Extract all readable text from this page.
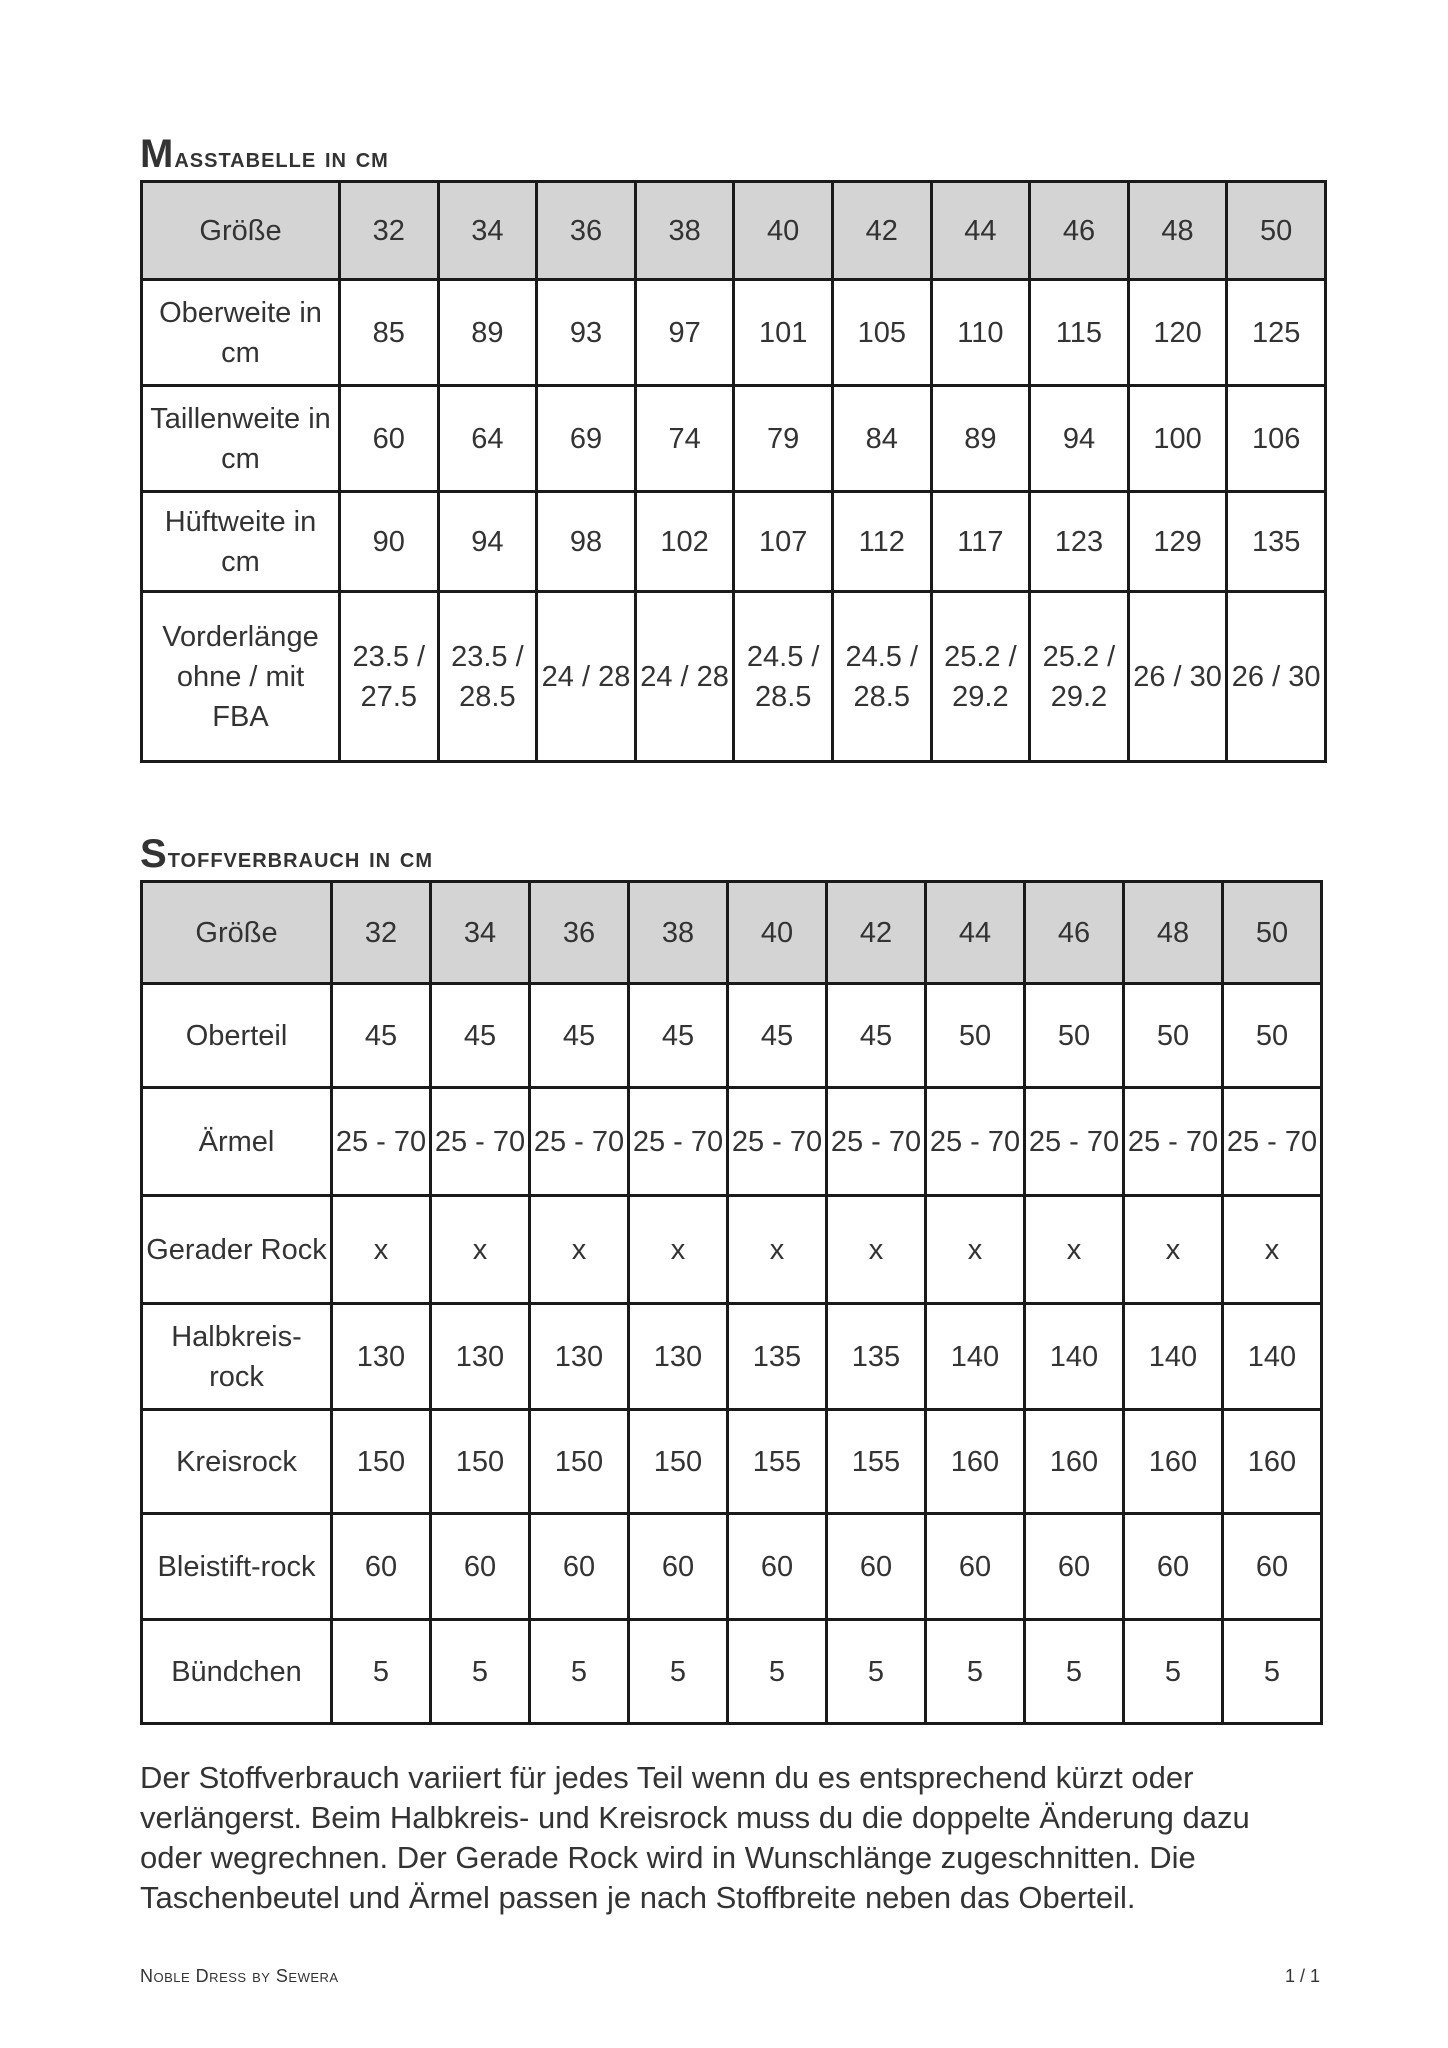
Masstabelle in cm
Größe	32	34	36	38	40	42	44	46	48	50
Oberweite in cm	85	89	93	97	101	105	110	115	120	125
Taillenweite in cm	60	64	69	74	79	84	89	94	100	106
Hüftweite in cm	90	94	98	102	107	112	117	123	129	135
Vorderlänge ohne / mit FBA	23.5 / 27.5	23.5 / 28.5	24 / 28	24 / 28	24.5 / 28.5	24.5 / 28.5	25.2 / 29.2	25.2 / 29.2	26 / 30	26 / 30
Stoffverbrauch in cm
Größe	32	34	36	38	40	42	44	46	48	50
Oberteil	45	45	45	45	45	45	50	50	50	50
Ärmel	25 - 70	25 - 70	25 - 70	25 - 70	25 - 70	25 - 70	25 - 70	25 - 70	25 - 70	25 - 70
Gerader Rock	x	x	x	x	x	x	x	x	x	x
Halbkreis-rock	130	130	130	130	135	135	140	140	140	140
Kreisrock	150	150	150	150	155	155	160	160	160	160
Bleistift-rock	60	60	60	60	60	60	60	60	60	60
Bündchen	5	5	5	5	5	5	5	5	5	5

Der Stoffverbrauch variiert für jedes Teil wenn du es entsprechend kürzt oder verlängerst. Beim Halbkreis- und Kreisrock muss du die doppelte Änderung dazu oder wegrechnen. Der Gerade Rock wird in Wunschlänge zugeschnitten. Die Taschenbeutel und Ärmel passen je nach Stoffbreite neben das Oberteil.

Noble Dress by Sewera	1 / 1
